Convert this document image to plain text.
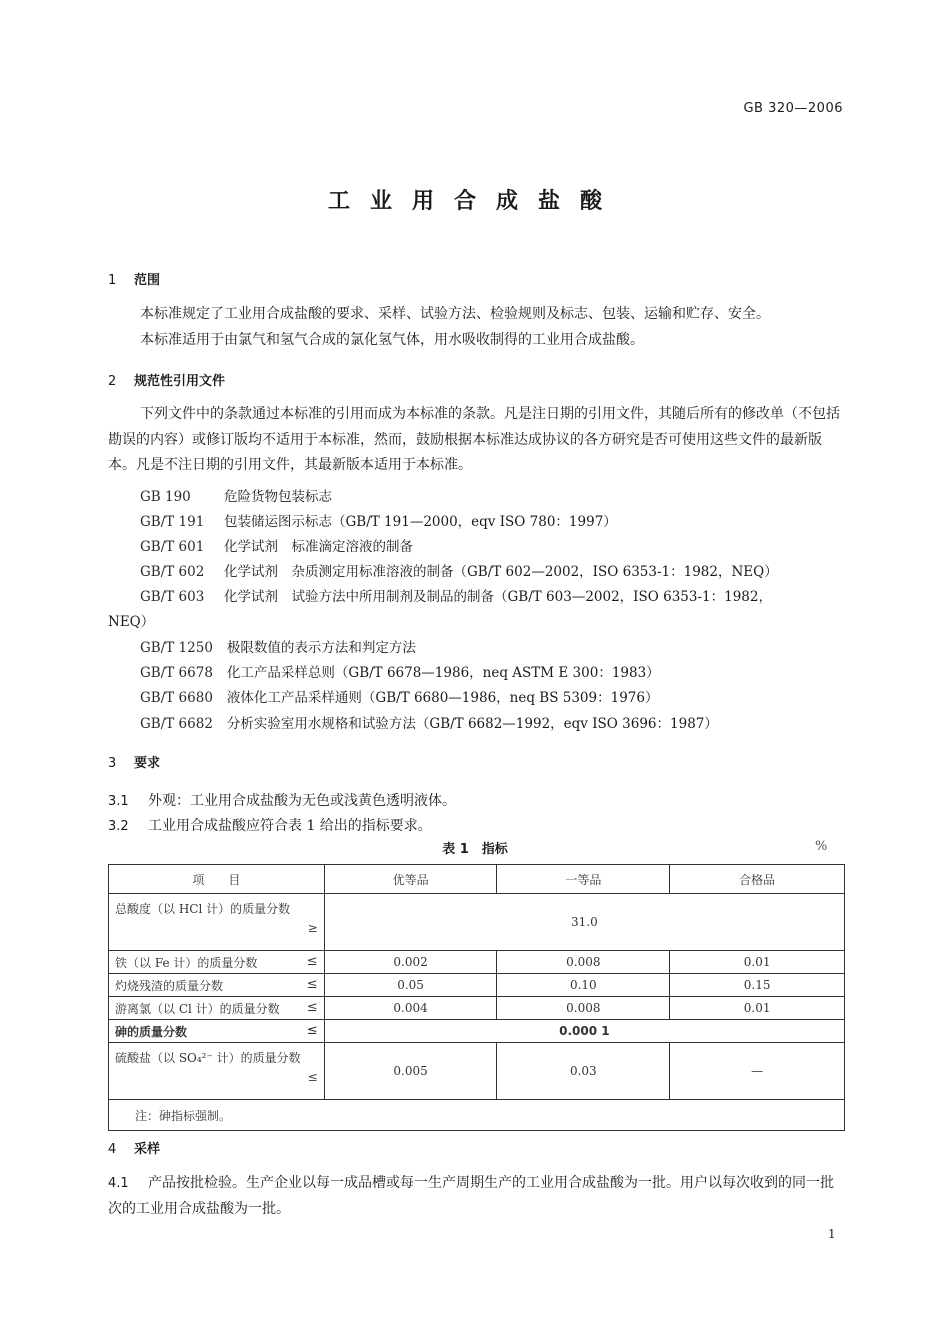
GB 320—2006
工业用合成盐酸
1 范围
本标准规定了工业用合成盐酸的要求、采样、试验方法、检验规则及标志、包装、运输和贮存、安全。
本标准适用于由氯气和氢气合成的氯化氢气体，用水吸收制得的工业用合成盐酸。
2 规范性引用文件
下列文件中的条款通过本标准的引用而成为本标准的条款。凡是注日期的引用文件，其随后所有的修改单（不包括勘误的内容）或修订版均不适用于本标准，然而，鼓励根据本标准达成协议的各方研究是否可使用这些文件的最新版本。凡是不注日期的引用文件，其最新版本适用于本标准。
GB 190 危险货物包装标志
GB/T 191 包装储运图示标志（GB/T 191—2000，eqv ISO 780：1997）
GB/T 601 化学试剂　标准滴定溶液的制备
GB/T 602 化学试剂　杂质测定用标准溶液的制备（GB/T 602—2002，ISO 6353-1：1982，NEQ）
GB/T 603 化学试剂　试验方法中所用制剂及制品的制备（GB/T 603—2002，ISO 6353-1：1982，
NEQ）
GB/T 1250 极限数值的表示方法和判定方法
GB/T 6678 化工产品采样总则（GB/T 6678—1986，neq ASTM E 300：1983）
GB/T 6680 液体化工产品采样通则（GB/T 6680—1986，neq BS 5309：1976）
GB/T 6682 分析实验室用水规格和试验方法（GB/T 6682—1992，eqv ISO 3696：1987）
3 要求
3.1 外观：工业用合成盐酸为无色或浅黄色透明液体。
3.2 工业用合成盐酸应符合表 1 给出的指标要求。
表 1　指标	%
项　　目	优等品	一等品	合格品
总酸度（以 HCl 计）的质量分数
≥	31.0		
铁（以 Fe 计）的质量分数 ≤	0.002	0.008	0.01
灼烧残渣的质量分数 ≤	0.05	0.10	0.15
游离氯（以 Cl 计）的质量分数 ≤	0.004	0.008	0.01
砷的质量分数 ≤	0.000 1		
硫酸盐（以 SO₄²⁻ 计）的质量分数
≤	0.005	0.03	—
注：砷指标强制。			
4 采样
4.1 产品按批检验。生产企业以每一成品槽或每一生产周期生产的工业用合成盐酸为一批。用户以每次收到的同一批次的工业用合成盐酸为一批。
1
